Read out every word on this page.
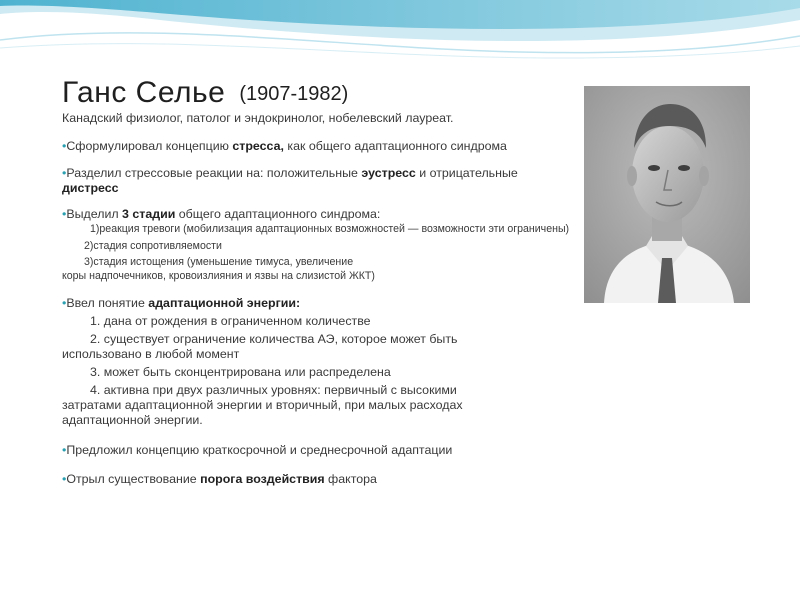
Ганс Селье (1907-1982)

Канадский физиолог, патолог и эндокринолог, нобелевский лауреат.

•Сформулировал концепцию стресса, как общего адаптационного синдрома

•Разделил стрессовые реакции на: положительные эустресс и отрицательные дистресс

•Выделил 3 стадии общего адаптационного синдрома:

1)реакция тревоги (мобилизация адаптационных возможностей — возможности эти ограничены)
2)стадия сопротивляемости
3)стадия истощения (уменьшение тимуса, увеличение
коры надпочечников, кровоизлияния и язвы на слизистой ЖКТ)

•Ввел понятие адаптационной энергии:

1. дана от рождения в ограниченном количестве
2. существует ограничение количества АЭ, которое может быть
использовано в любой момент
3. может быть сконцентрирована или распределена
4. активна при двух различных уровнях: первичный с высокими
затратами адаптационной энергии и вторичный, при малых расходах адаптационной энергии.

•Предложил концепцию краткосрочной и среднесрочной адаптации

•Отрыл существование порога воздействия фактора
